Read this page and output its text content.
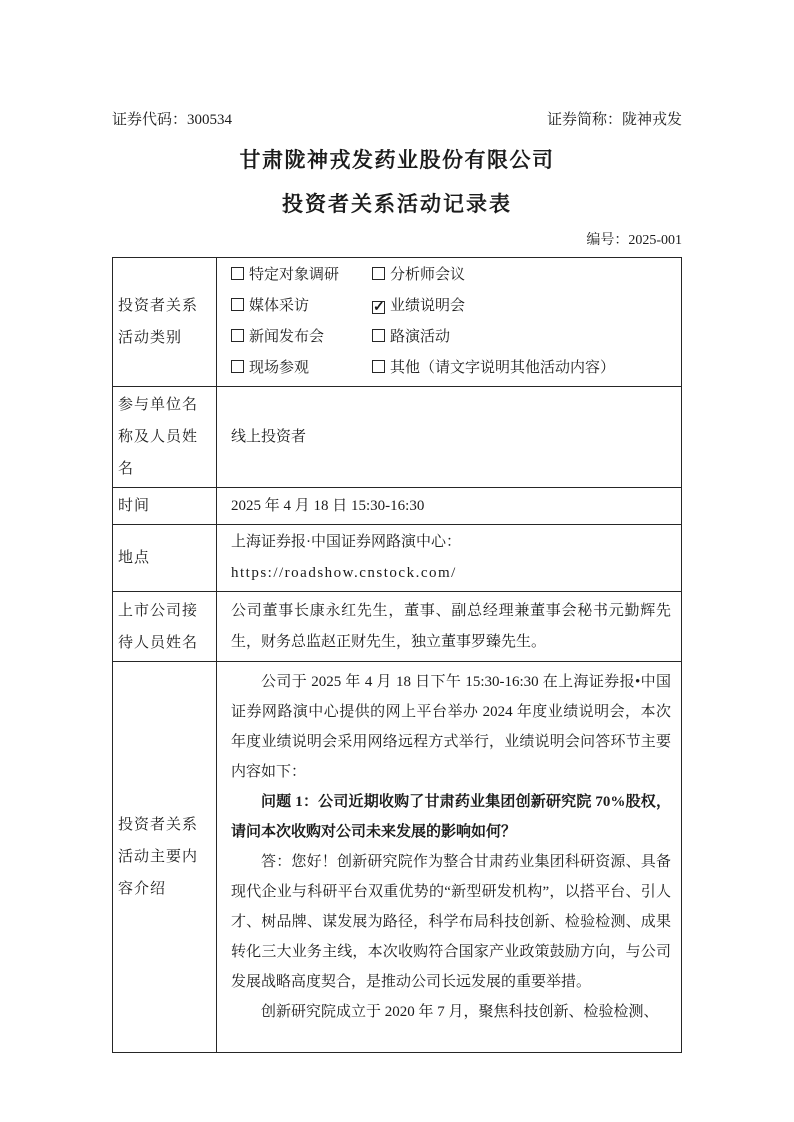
证券代码：300534	证券简称：陇神戎发
甘肃陇神戎发药业股份有限公司
投资者关系活动记录表
编号：2025-001
投资者关系活动类别	
特定对象调研	分析师会议
媒体采访	✓ 业绩说明会
新闻发布会	路演活动
现场参观	其他（请文字说明其他活动内容）

参与单位名称及人员姓名	线上投资者
时间	2025 年 4 月 18 日 15:30-16:30
地点	上海证券报·中国证券网路演中心：
https://roadshow.cnstock.com/

上市公司接待人员姓名	公司董事长康永红先生，董事、副总经理兼董事会秘书元勤辉先生，财务总监赵正财先生，独立董事罗臻先生。
投资者关系活动主要内容介绍	公司于 2025 年 4 月 18 日下午 15:30-16:30 在上海证券报•中国证券网路演中心提供的网上平台举办 2024 年度业绩说明会，本次年度业绩说明会采用网络远程方式举行，业绩说明会问答环节主要内容如下：

问题 1：公司近期收购了甘肃药业集团创新研究院 70%股权，请问本次收购对公司未来发展的影响如何？

答：您好！创新研究院作为整合甘肃药业集团科研资源、具备现代企业与科研平台双重优势的“新型研发机构”，以搭平台、引人才、树品牌、谋发展为路径，科学布局科技创新、检验检测、成果转化三大业务主线，本次收购符合国家产业政策鼓励方向，与公司发展战略高度契合，是推动公司长远发展的重要举措。

创新研究院成立于 2020 年 7 月，聚焦科技创新、检验检测、
